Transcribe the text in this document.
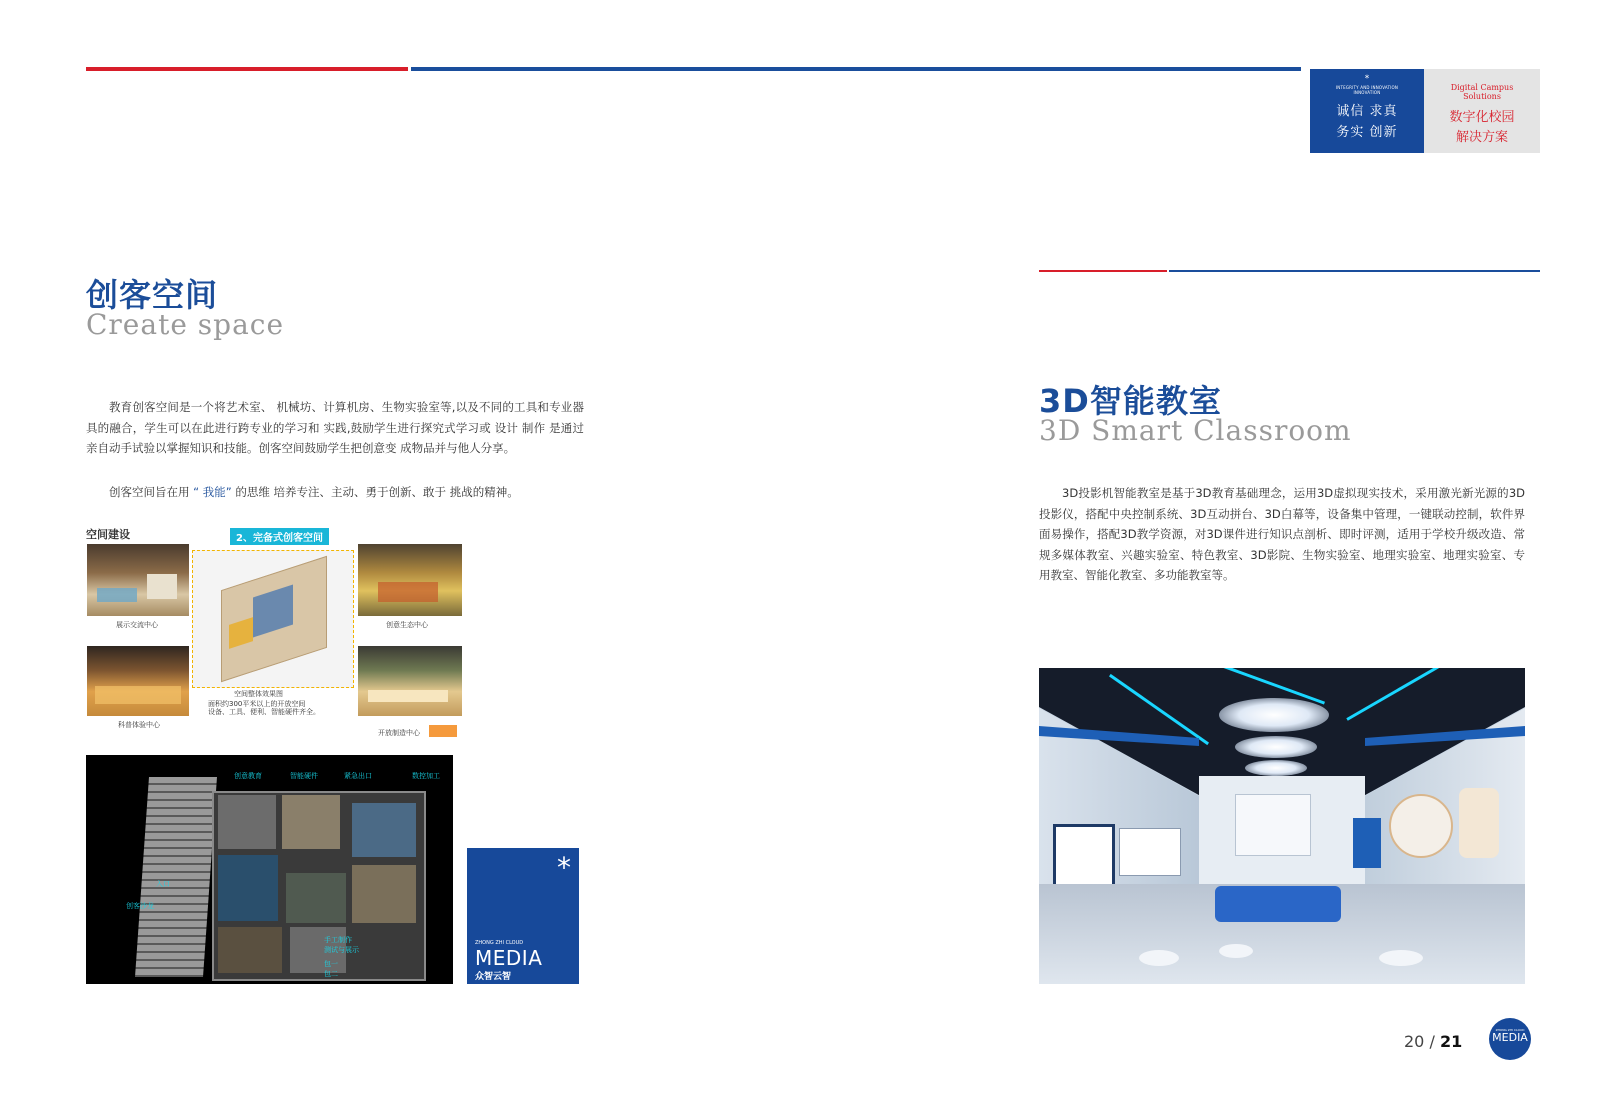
*
INTEGRITY AND INNOVATION INNOVATION
诚信 求真
务实 创新
Digital Campus Solutions
数字化校园
解决方案
创客空间
Create space
教育创客空间是一个将艺术室、 机械坊、计算机房、生物实验室等,以及不同的工具和专业器具的融合，学生可以在此进行跨专业的学习和 实践,鼓励学生进行探究式学习或 设计 制作 是通过亲自动手试验以掌握知识和技能。创客空间鼓励学生把创意变 成物品并与他人分享。
创客空间旨在用 “ 我能” 的思维 培养专注、主动、勇于创新、敢于 挑战的精神。
空间建设	2、完备式创客空间
展示交流中心
科普体验中心
空间整体效果图
面积约300平米以上的开放空间
设备、工具、便利、智能硬件齐全。
创意生态中心
开放制造中心
创意教育	智能硬件	紧急出口	数控加工
入口
创客沙龙
手工制作
测试与展示
包一
包二
*
ZHONG ZHI CLOUD
MEDIA
众智云智
3D智能教室
3D Smart Classroom
3D投影机智能教室是基于3D教育基础理念，运用3D虚拟现实技术，采用激光新光源的3D投影仪，搭配中央控制系统、3D互动拼台、3D白幕等，设备集中管理，一键联动控制，软件界面易操作，搭配3D教学资源，对3D课件进行知识点剖析、即时评测，适用于学校升级改造、常规多媒体教室、兴趣实验室、特色教室、3D影院、生物实验室、地理实验室、地理实验室、专用教室、智能化教室、多功能教室等。
20 / 21
ZHONG ZHI CLOUD
MEDIA
